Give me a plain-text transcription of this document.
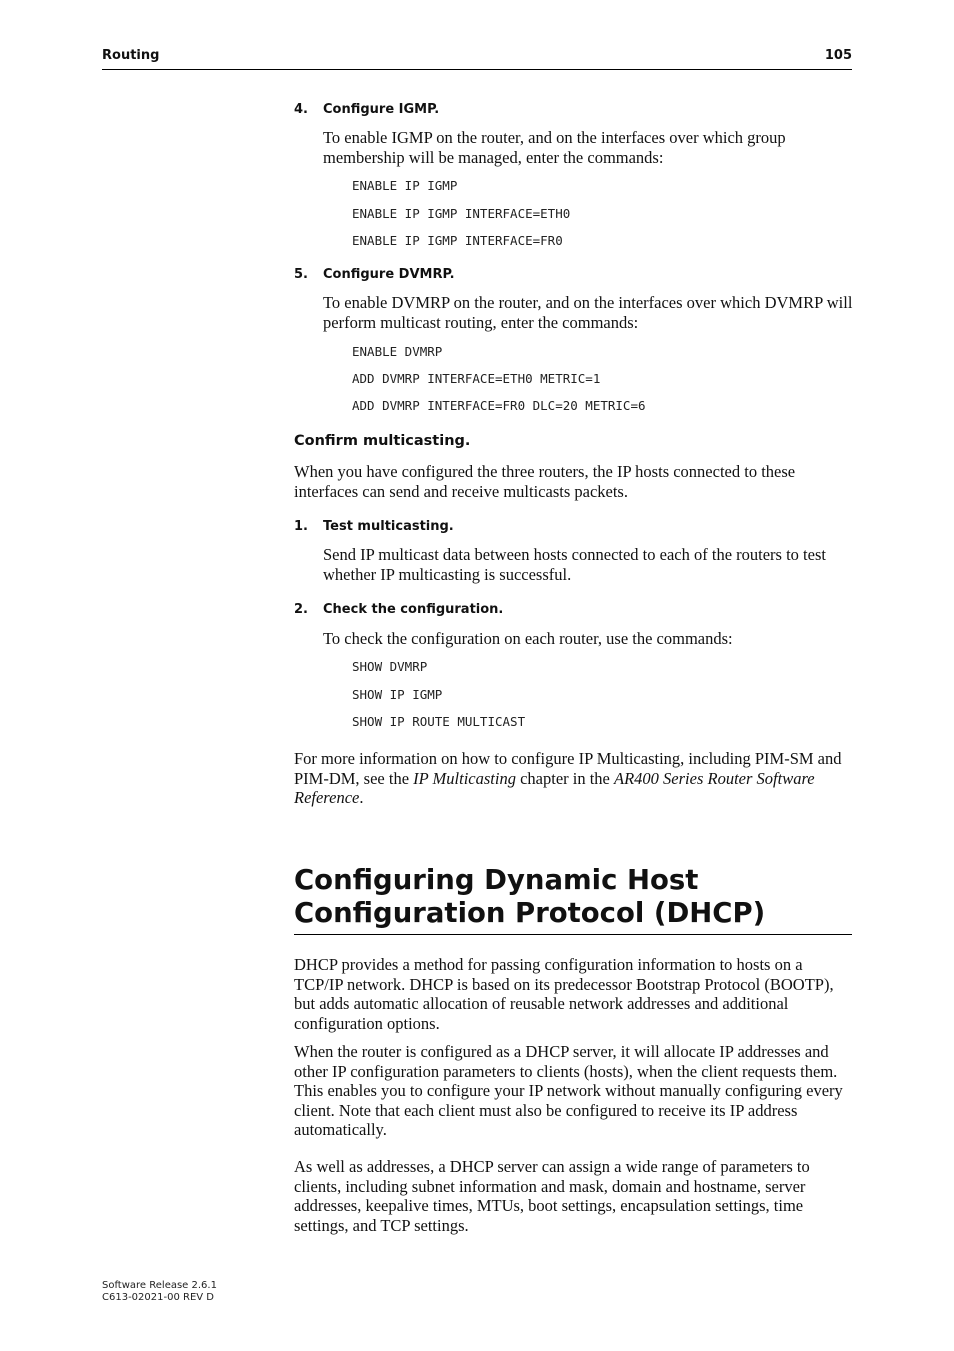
Routing	105
4. Configure IGMP.

To enable IGMP on the router, and on the interfaces over which group membership will be managed, enter the commands:

ENABLE IP IGMP
ENABLE IP IGMP INTERFACE=ETH0
ENABLE IP IGMP INTERFACE=FR0
5. Configure DVMRP.

To enable DVMRP on the router, and on the interfaces over which DVMRP will perform multicast routing, enter the commands:

ENABLE DVMRP
ADD DVMRP INTERFACE=ETH0 METRIC=1
ADD DVMRP INTERFACE=FR0 DLC=20 METRIC=6
Confirm multicasting.

When you have configured the three routers, the IP hosts connected to these interfaces can send and receive multicasts packets.

1. Test multicasting.

Send IP multicast data between hosts connected to each of the routers to test whether IP multicasting is successful.

2. Check the configuration.

To check the configuration on each router, use the commands:

SHOW DVMRP
SHOW IP IGMP
SHOW IP ROUTE MULTICAST

For more information on how to configure IP Multicasting, including PIM-SM and PIM-DM, see the IP Multicasting chapter in the AR400 Series Router Software Reference.

Configuring Dynamic Host Configuration Protocol (DHCP)

DHCP provides a method for passing configuration information to hosts on a TCP/IP network. DHCP is based on its predecessor Bootstrap Protocol (BOOTP), but adds automatic allocation of reusable network addresses and additional configuration options.

When the router is configured as a DHCP server, it will allocate IP addresses and other IP configuration parameters to clients (hosts), when the client requests them. This enables you to configure your IP network without manually configuring every client. Note that each client must also be configured to receive its IP address automatically.

As well as addresses, a DHCP server can assign a wide range of parameters to clients, including subnet information and mask, domain and hostname, server addresses, keepalive times, MTUs, boot settings, encapsulation settings, time settings, and TCP settings.

Software Release 2.6.1
C613-02021-00 REV D
